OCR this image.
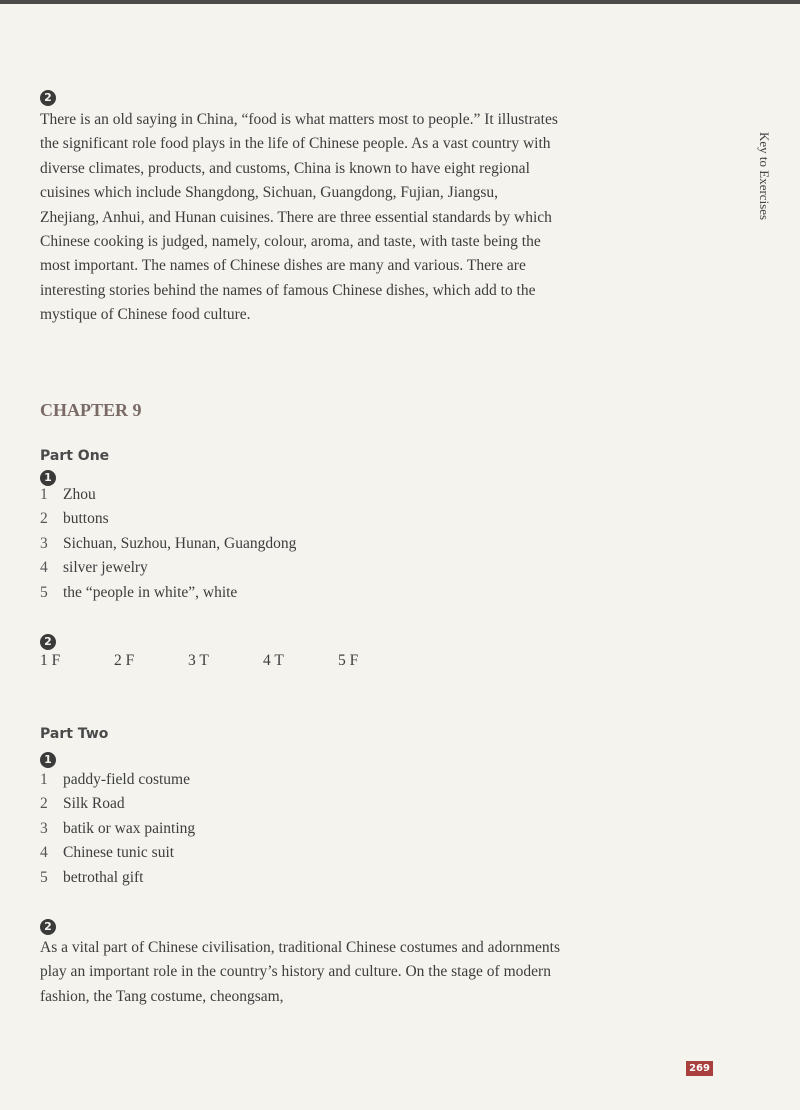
2

There is an old saying in China, “food is what matters most to people.” It illustrates the significant role food plays in the life of Chinese people. As a vast country with diverse climates, products, and customs, China is known to have eight regional cuisines which include Shangdong, Sichuan, Guangdong, Fujian, Jiangsu, Zhejiang, Anhui, and Hunan cuisines. There are three essential standards by which Chinese cooking is judged, namely, colour, aroma, and taste, with taste being the most important. The names of Chinese dishes are many and various. There are interesting stories behind the names of famous Chinese dishes, which add to the mystique of Chinese food culture.

CHAPTER 9
Part One
1
1 Zhou
2 buttons
3 Sichuan, Suzhou, Hunan, Guangdong
4 silver jewelry
5 the “people in white”, white
2
1 F	2 F	3 T	4 T	5 F
Part Two
1
1 paddy-field costume
2 Silk Road
3 batik or wax painting
4 Chinese tunic suit
5 betrothal gift
2

As a vital part of Chinese civilisation, traditional Chinese costumes and adornments play an important role in the country’s history and culture. On the stage of modern fashion, the Tang costume, cheongsam,

Key to Exercises
269
